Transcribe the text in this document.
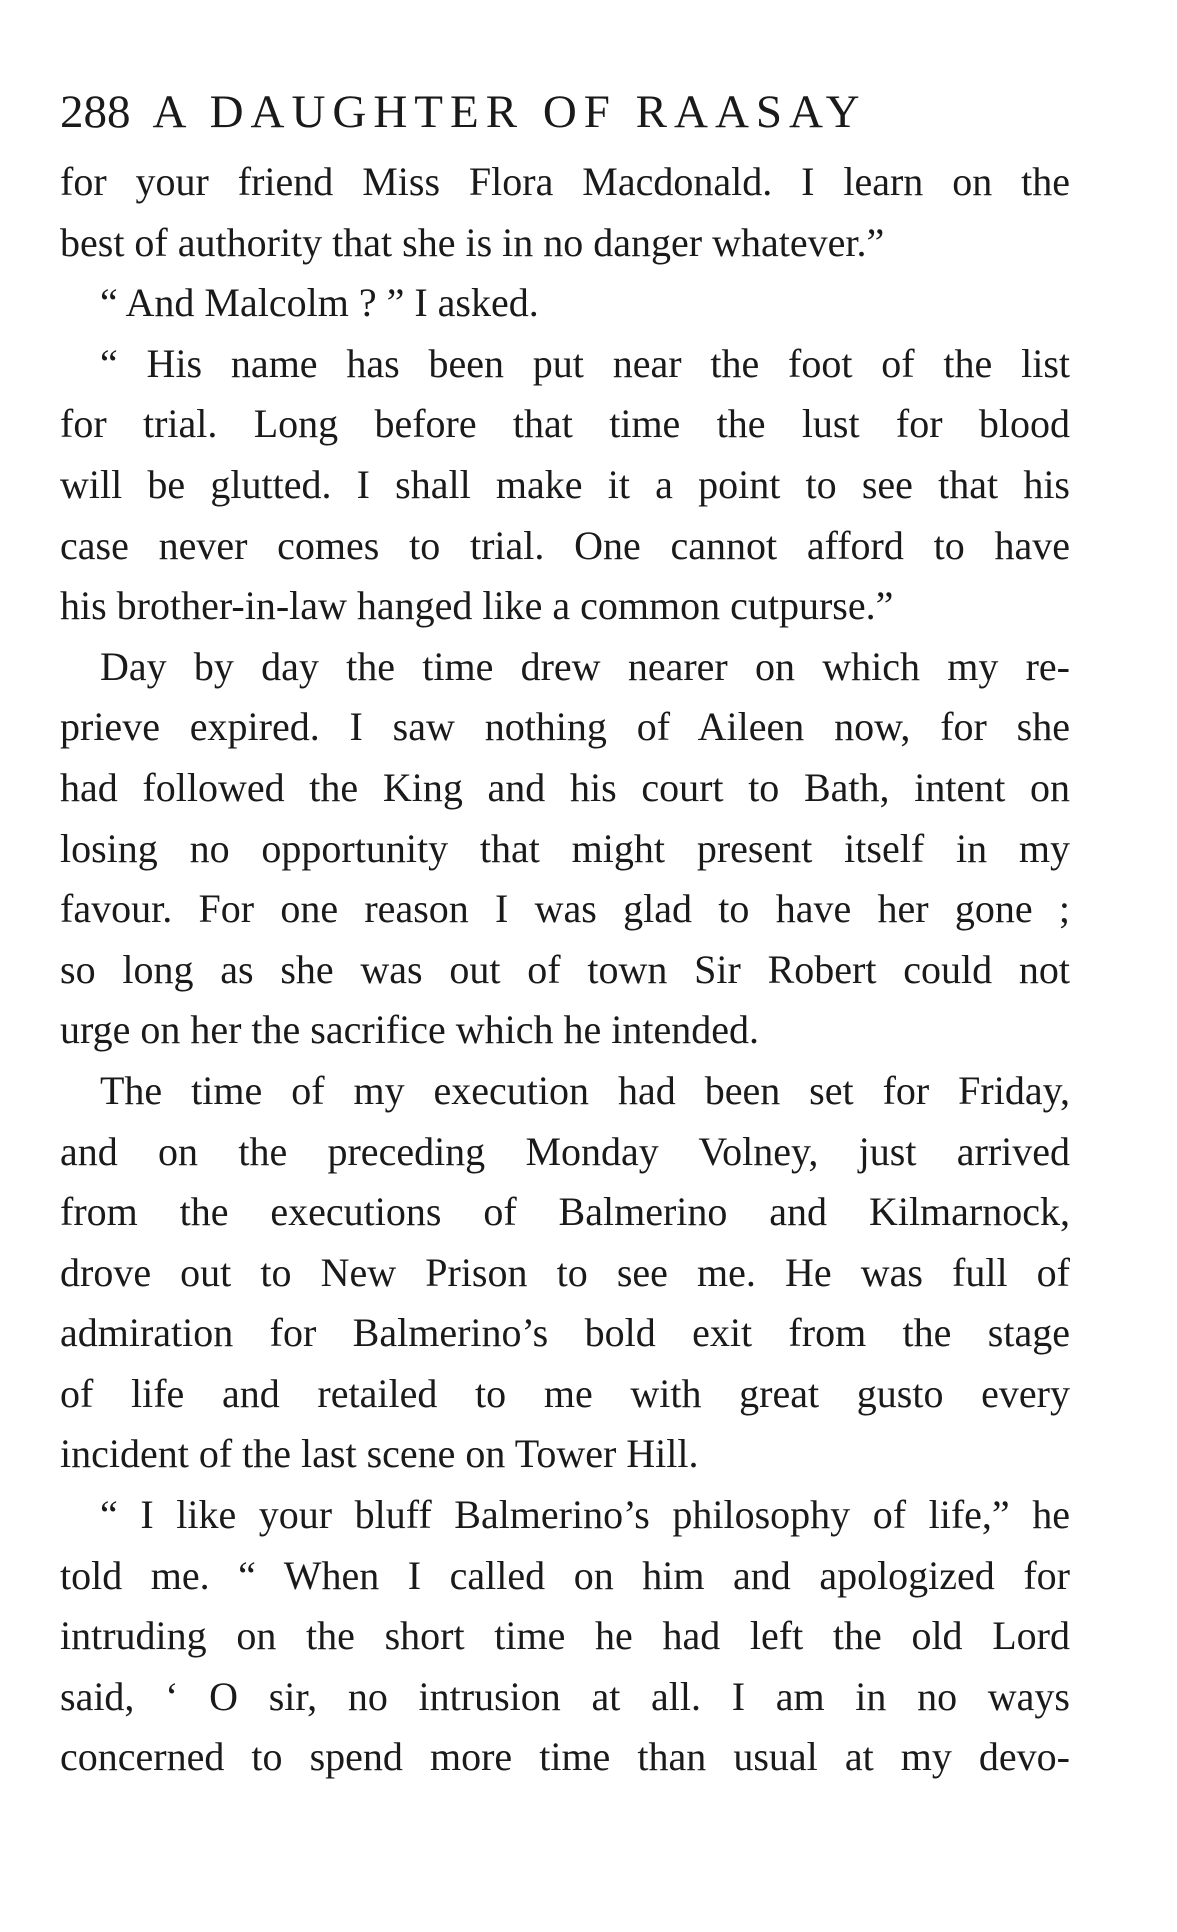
288 A DAUGHTER OF RAASAY
for your friend Miss Flora Macdonald. I learn on the
best of authority that she is in no danger whatever.”
“ And Malcolm ? ” I asked.
“ His name has been put near the foot of the list
for trial. Long before that time the lust for blood
will be glutted. I shall make it a point to see that his
case never comes to trial. One cannot afford to have
his brother-in-law hanged like a common cutpurse.”
Day by day the time drew nearer on which my re-
prieve expired. I saw nothing of Aileen now, for she
had followed the King and his court to Bath, intent on
losing no opportunity that might present itself in my
favour. For one reason I was glad to have her gone ;
so long as she was out of town Sir Robert could not
urge on her the sacrifice which he intended.
The time of my execution had been set for Friday,
and on the preceding Monday Volney, just arrived
from the executions of Balmerino and Kilmarnock,
drove out to New Prison to see me. He was full of
admiration for Balmerino’s bold exit from the stage
of life and retailed to me with great gusto every
incident of the last scene on Tower Hill.
“ I like your bluff Balmerino’s philosophy of life,” he
told me. “ When I called on him and apologized for
intruding on the short time he had left the old Lord
said, ‘ O sir, no intrusion at all. I am in no ways
concerned to spend more time than usual at my devo-
